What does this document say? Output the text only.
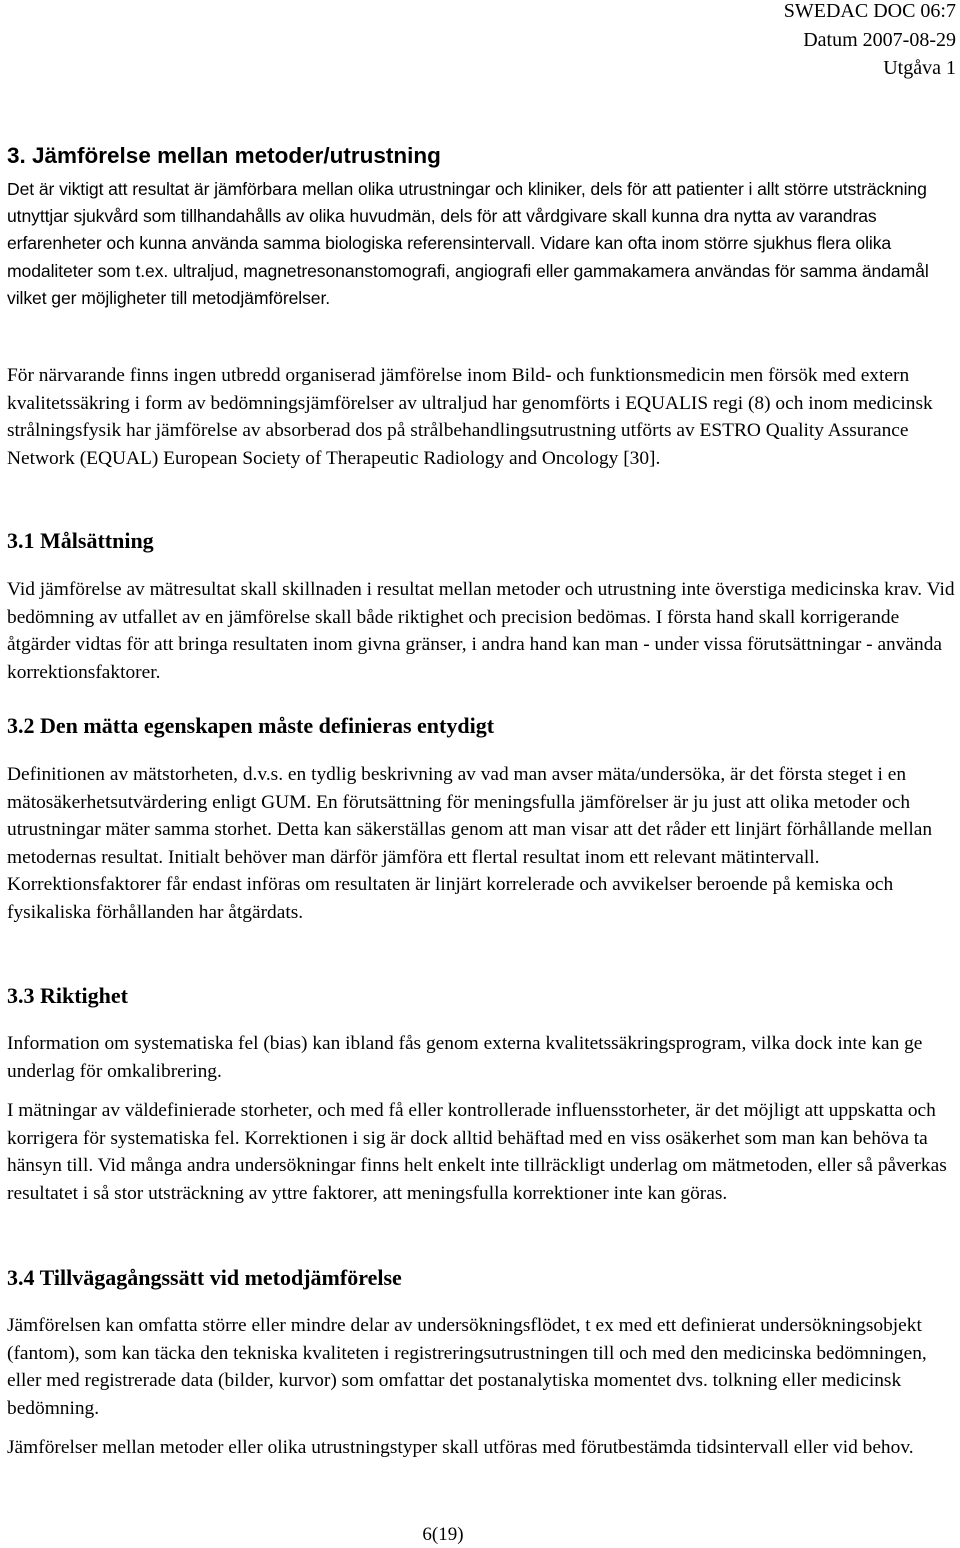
SWEDAC DOC 06:7
Datum 2007-08-29
Utgåva 1
3. Jämförelse mellan metoder/utrustning
Det är viktigt att resultat är jämförbara mellan olika utrustningar och kliniker, dels för att patienter i allt större utsträckning utnyttjar sjukvård som tillhandahålls av olika huvudmän, dels för att vårdgivare skall kunna dra nytta av varandras erfarenheter och kunna använda samma biologiska referensintervall. Vidare kan ofta inom större sjukhus flera olika modaliteter som t.ex. ultraljud, magnetresonanstomografi, angiografi eller gammakamera användas för samma ändamål vilket ger möjligheter till metodjämförelser.
För närvarande finns ingen utbredd organiserad jämförelse inom Bild- och funktionsmedicin men försök med extern kvalitetssäkring i form av bedömningsjämförelser av ultraljud har genomförts i EQUALIS regi (8) och inom medicinsk strålningsfysik har jämförelse av absorberad dos på strålbehandlingsutrustning utförts av ESTRO Quality Assurance Network (EQUAL) European Society of Therapeutic Radiology and Oncology [30].
3.1 Målsättning
Vid jämförelse av mätresultat skall skillnaden i resultat mellan metoder och utrustning inte överstiga medicinska krav. Vid bedömning av utfallet av en jämförelse skall både riktighet och precision bedömas. I första hand skall korrigerande åtgärder vidtas för att bringa resultaten inom givna gränser, i andra hand kan man - under vissa förutsättningar - använda korrektionsfaktorer.
3.2 Den mätta egenskapen måste definieras entydigt
Definitionen av mätstorheten, d.v.s. en tydlig beskrivning av vad man avser mäta/undersöka, är det första steget i en mätosäkerhetsutvärdering enligt GUM. En förutsättning för meningsfulla jämförelser är ju just att olika metoder och utrustningar mäter samma storhet. Detta kan säkerställas genom att man visar att det råder ett linjärt förhållande mellan metodernas resultat. Initialt behöver man därför jämföra ett flertal resultat inom ett relevant mätintervall. Korrektionsfaktorer får endast införas om resultaten är linjärt korrelerade och avvikelser beroende på kemiska och fysikaliska förhållanden har åtgärdats.
3.3 Riktighet
Information om systematiska fel (bias) kan ibland fås genom externa kvalitetssäkringsprogram, vilka dock inte kan ge underlag för omkalibrering.
I mätningar av väldefinierade storheter, och med få eller kontrollerade influensstorheter, är det möjligt att uppskatta och korrigera för systematiska fel. Korrektionen i sig är dock alltid behäftad med en viss osäkerhet som man kan behöva ta hänsyn till. Vid många andra undersökningar finns helt enkelt inte tillräckligt underlag om mätmetoden, eller så påverkas resultatet i så stor utsträckning av yttre faktorer, att meningsfulla korrektioner inte kan göras.
3.4 Tillvägagångssätt vid metodjämförelse
Jämförelsen kan omfatta större eller mindre delar av undersökningsflödet, t ex med ett definierat undersökningsobjekt (fantom), som kan täcka den tekniska kvaliteten i registreringsutrustningen till och med den medicinska bedömningen, eller med registrerade data (bilder, kurvor) som omfattar det postanalytiska momentet dvs. tolkning eller medicinsk bedömning.
Jämförelser mellan metoder eller olika utrustningstyper skall utföras med förutbestämda tidsintervall eller vid behov.
6(19)
